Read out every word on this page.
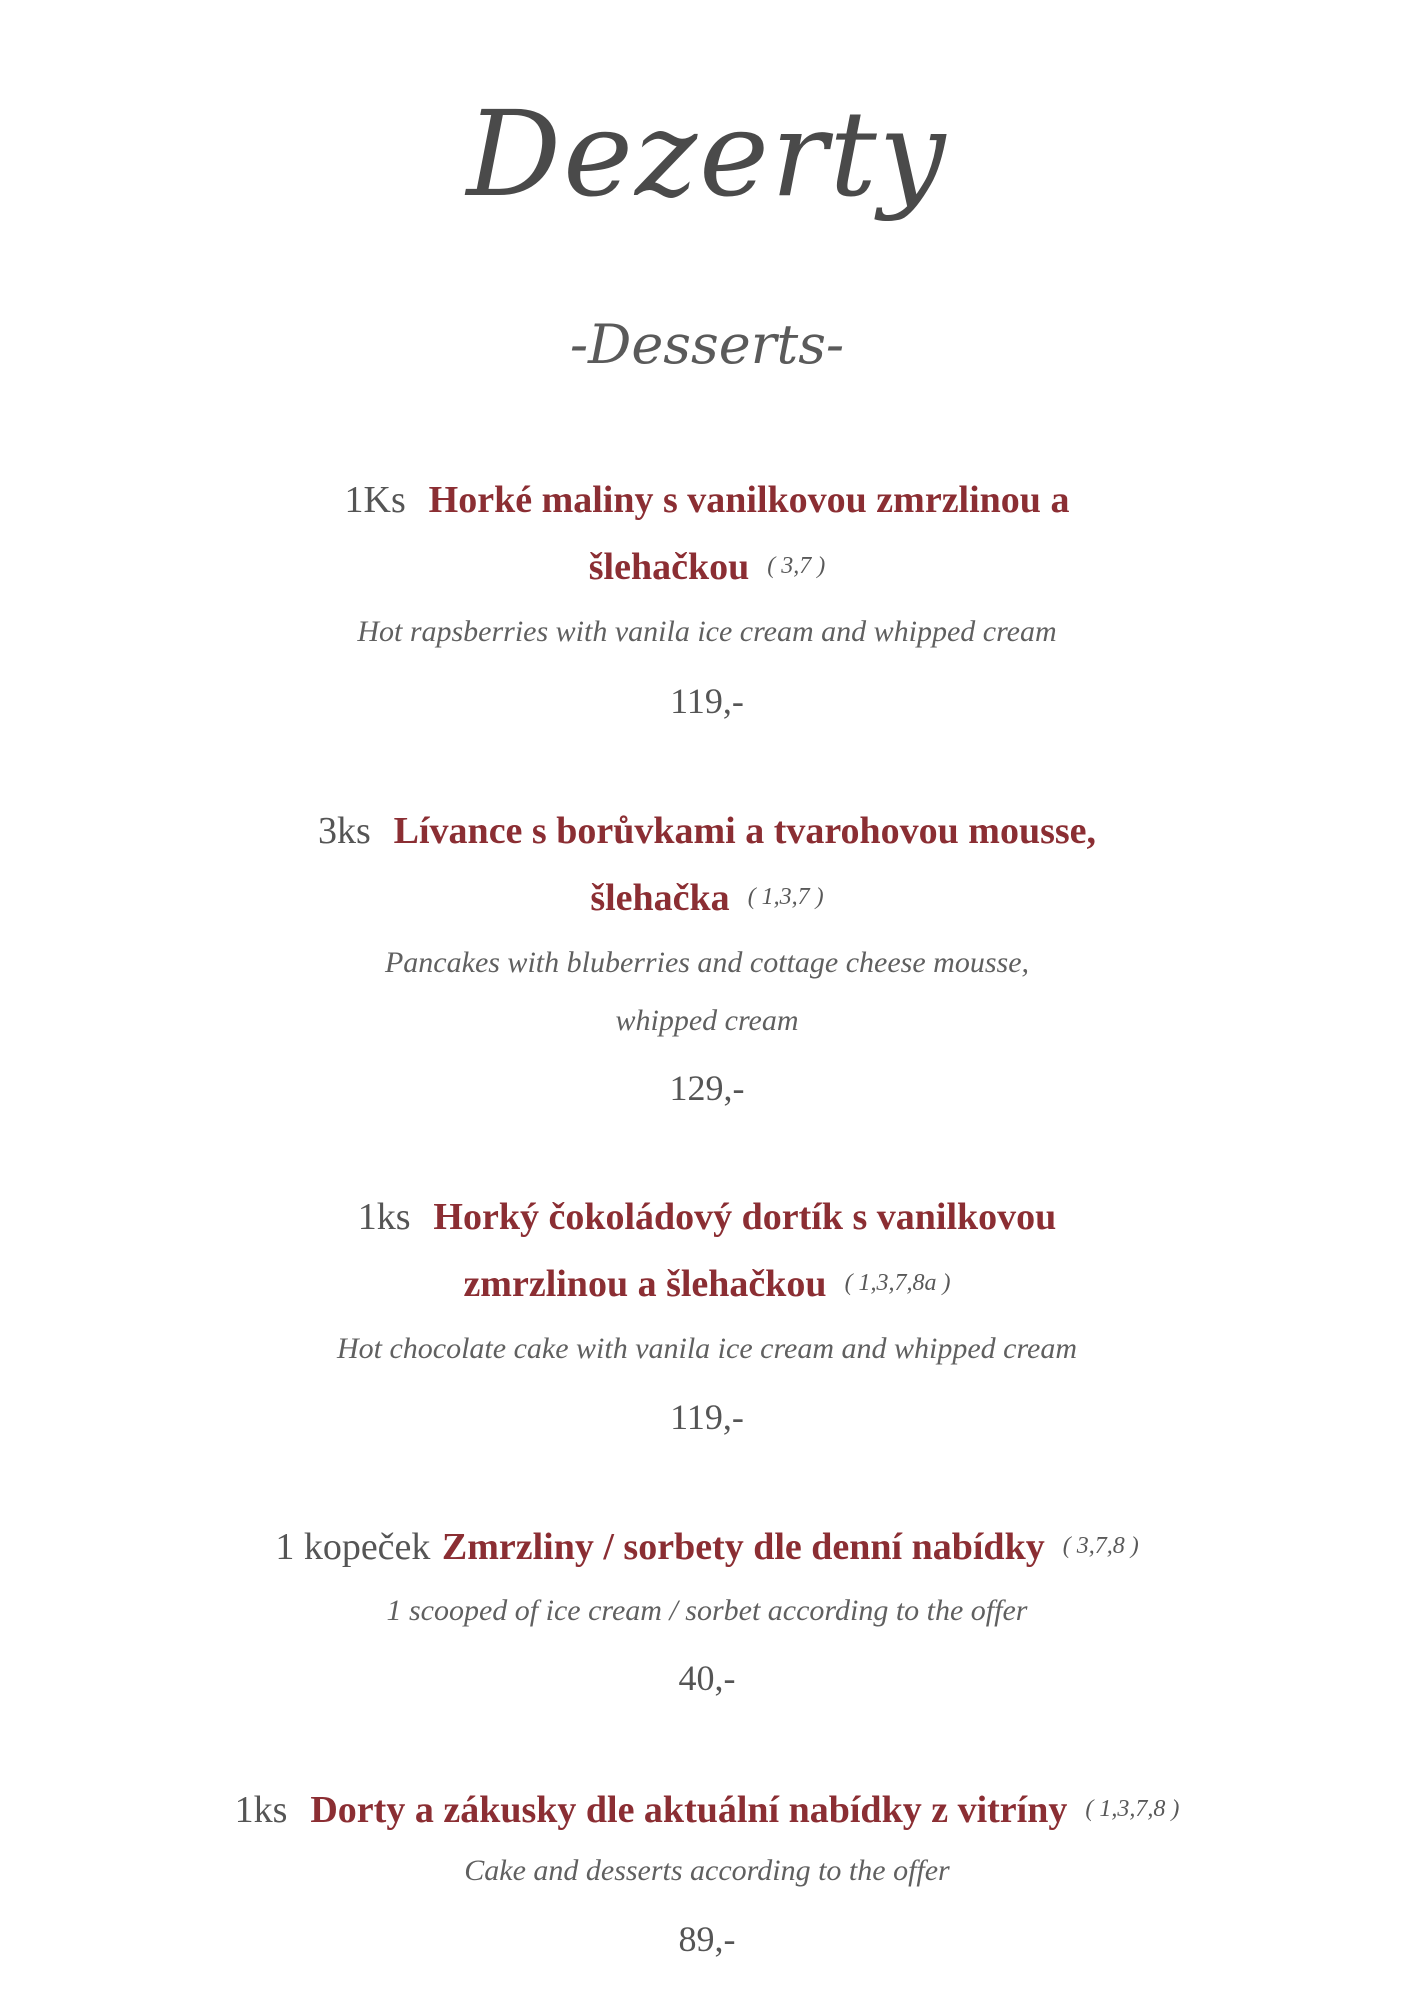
Dezerty
-Desserts-
1Ks Horké maliny s vanilkovou zmrzlinou a
šlehačkou ( 3,7 )
Hot rapsberries with vanila ice cream and whipped cream
119,-
3ks Lívance s borůvkami a tvarohovou mousse,
šlehačka ( 1,3,7 )
Pancakes with bluberries and cottage cheese mousse,
whipped cream
129,-
1ks Horký čokoládový dortík s vanilkovou
zmrzlinou a šlehačkou ( 1,3,7,8a )
Hot chocolate cake with vanila ice cream and whipped cream
119,-
1 kopeček Zmrzliny / sorbety dle denní nabídky ( 3,7,8 )
1 scooped of ice cream / sorbet according to the offer
40,-
1ks Dorty a zákusky dle aktuální nabídky z vitríny ( 1,3,7,8 )
Cake and desserts according to the offer
89,-
